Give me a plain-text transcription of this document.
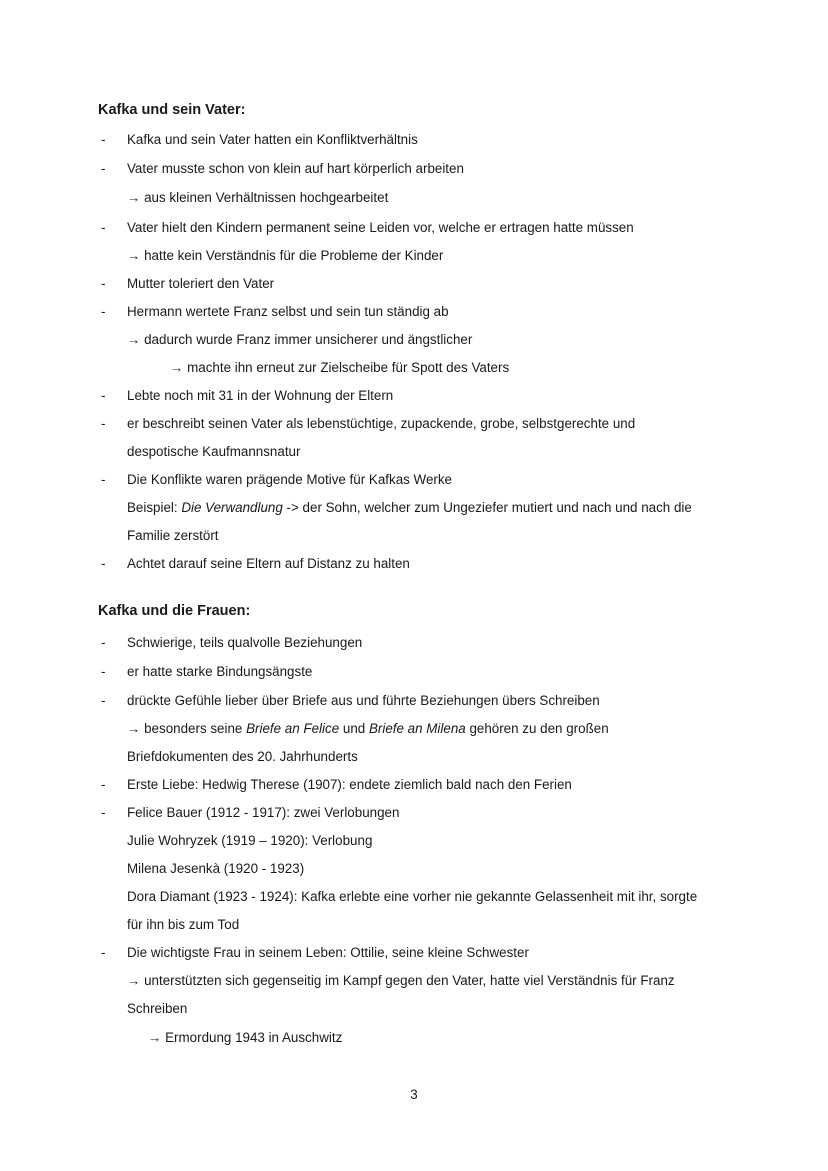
Kafka und sein Vater:
- Kafka und sein Vater hatten ein Konfliktverhältnis
- Vater musste schon von klein auf hart körperlich arbeiten
→ aus kleinen Verhältnissen hochgearbeitet
- Vater hielt den Kindern permanent seine Leiden vor, welche er ertragen hatte müssen
→ hatte kein Verständnis für die Probleme der Kinder
- Mutter toleriert den Vater
- Hermann wertete Franz selbst und sein tun ständig ab
→ dadurch wurde Franz immer unsicherer und ängstlicher
→ machte ihn erneut zur Zielscheibe für Spott des Vaters
- Lebte noch mit 31 in der Wohnung der Eltern
- er beschreibt seinen Vater als lebenstüchtige, zupackende, grobe, selbstgerechte und
despotische Kaufmannsnatur
- Die Konflikte waren prägende Motive für Kafkas Werke
Beispiel: Die Verwandlung -> der Sohn, welcher zum Ungeziefer mutiert und nach und nach die
Familie zerstört
- Achtet darauf seine Eltern auf Distanz zu halten
Kafka und die Frauen:
- Schwierige, teils qualvolle Beziehungen
- er hatte starke Bindungsängste
- drückte Gefühle lieber über Briefe aus und führte Beziehungen übers Schreiben
→ besonders seine Briefe an Felice und Briefe an Milena gehören zu den großen
Briefdokumenten des 20. Jahrhunderts
- Erste Liebe: Hedwig Therese (1907): endete ziemlich bald nach den Ferien
- Felice Bauer (1912 - 1917): zwei Verlobungen
Julie Wohryzek (1919 – 1920): Verlobung
Milena Jesenkà (1920 - 1923)
Dora Diamant (1923 - 1924): Kafka erlebte eine vorher nie gekannte Gelassenheit mit ihr, sorgte
für ihn bis zum Tod
- Die wichtigste Frau in seinem Leben: Ottilie, seine kleine Schwester
→ unterstützten sich gegenseitig im Kampf gegen den Vater, hatte viel Verständnis für Franz
Schreiben
→ Ermordung 1943 in Auschwitz
3
